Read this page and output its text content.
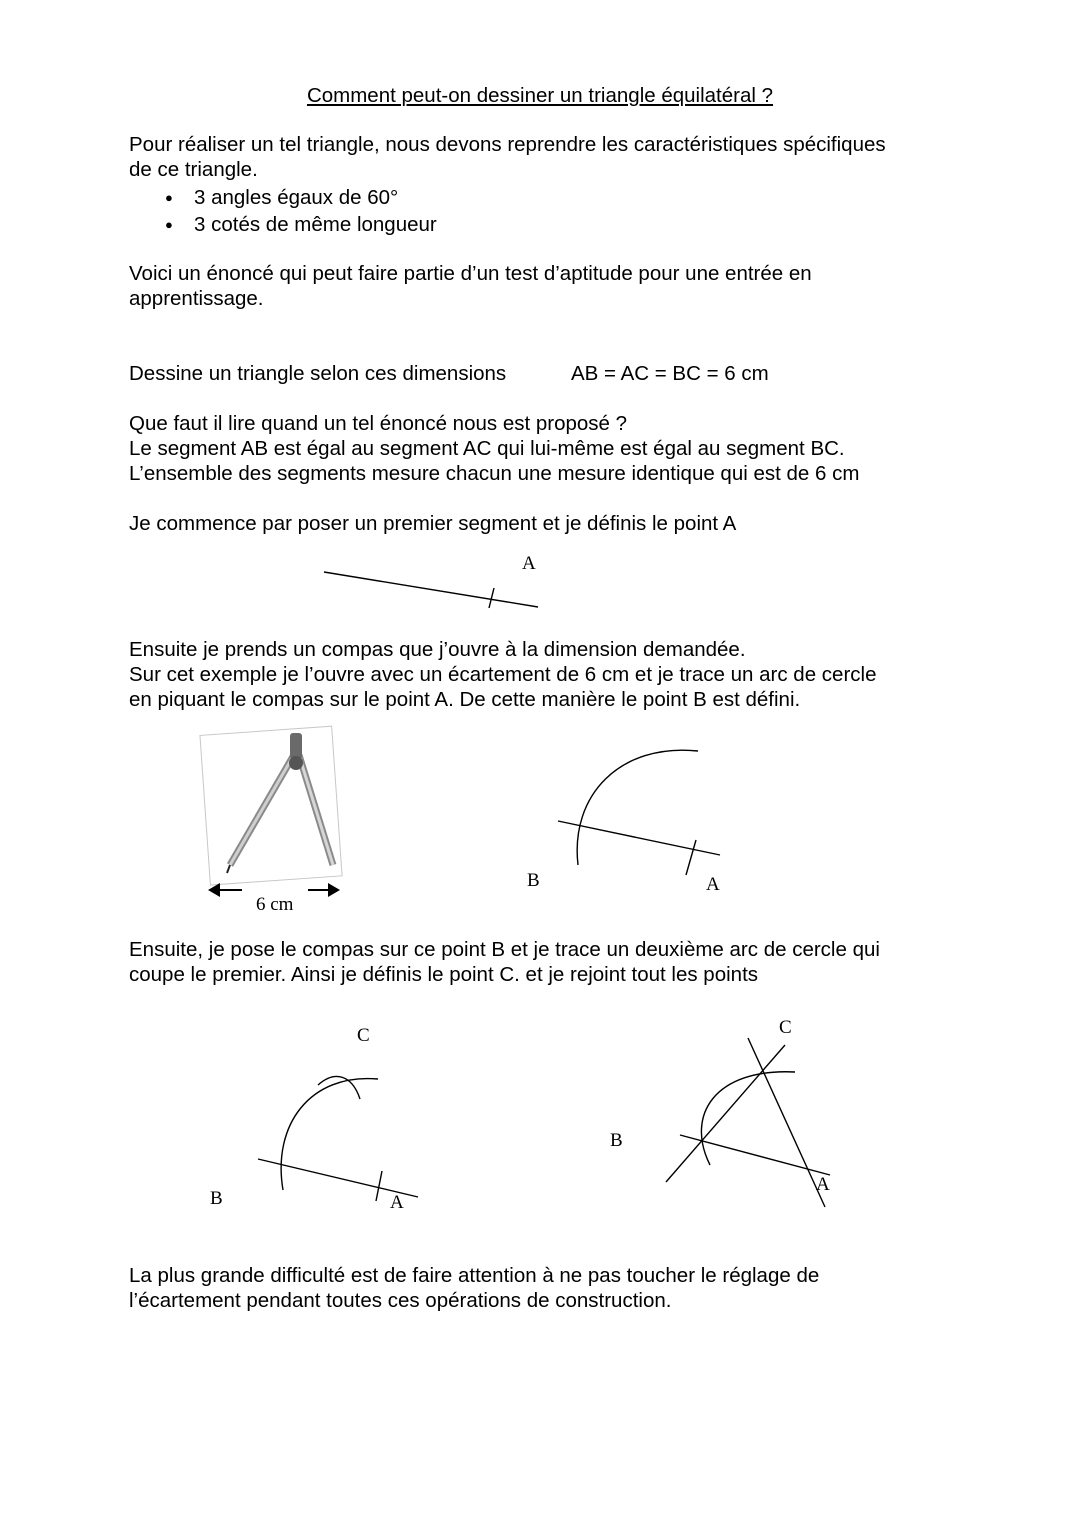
Comment peut-on dessiner un triangle équilatéral ?
Pour réaliser un tel triangle, nous devons reprendre les caractéristiques spécifiques
de ce triangle.
● 3 angles égaux de 60°
● 3 cotés de même longueur
Voici un énoncé qui peut faire partie d’un test d’aptitude pour une entrée en
apprentissage.
Dessine un triangle selon ces dimensions	AB = AC = BC = 6 cm
Que faut il lire quand un tel énoncé nous est proposé ?
Le segment AB est égal au segment AC qui lui-même est égal au segment BC.
L’ensemble des segments mesure chacun une mesure identique qui est de 6 cm
Je commence par poser un premier segment et je définis le point A
A
Ensuite je prends un compas que j’ouvre à la dimension demandée.
Sur cet exemple je l’ouvre avec un écartement de 6 cm et je trace un arc de cercle
en piquant le compas sur le point A. De cette manière le point B est défini.
6 cm
B	A
Ensuite, je pose le compas sur ce point B et je trace un deuxième arc de cercle qui
coupe le premier. Ainsi je définis le point C. et je rejoint tout les points
C
B	A
C
B
A
La plus grande difficulté est de faire attention à ne pas toucher le réglage de
l’écartement pendant toutes ces opérations de construction.
